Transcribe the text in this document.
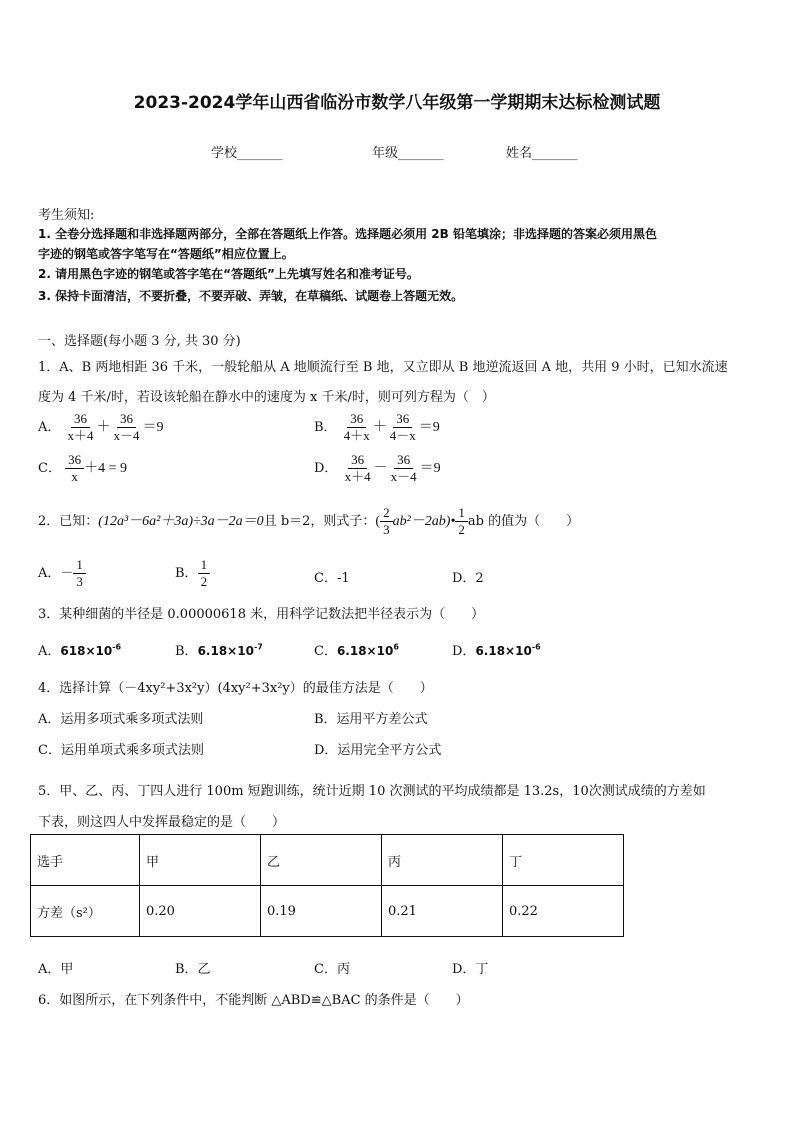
2023-2024学年山西省临汾市数学八年级第一学期期末达标检测试题
学校_______	年级_______	姓名_______
考生须知:
1. 全卷分选择题和非选择题两部分，全部在答题纸上作答。选择题必须用 2B 铅笔填涂；非选择题的答案必须用黑色
字迹的钢笔或答字笔写在“答题纸”相应位置上。
2. 请用黑色字迹的钢笔或答字笔在“答题纸”上先填写姓名和准考证号。
3. 保持卡面清洁，不要折叠，不要弄破、弄皱，在草稿纸、试题卷上答题无效。
一、选择题(每小题 3 分, 共 30 分)
1．A、B 两地相距 36 千米，一般轮船从 A 地顺流行至 B 地，又立即从 B 地逆流返回 A 地，共用 9 小时，已知水流速
度为 4 千米/时，若设该轮船在静水中的速度为 x 千米/时，则可列方程为（　）
A． $\frac{36}{x+4} + \frac{36}{x-4} =9$	B． $\frac{36}{4+x} + \frac{36}{4-x} =9$
C． $\frac{36}{x} +4 = 9$	D． $\frac{36}{x+4} - \frac{36}{x-4} =9$
2．已知：(12a³－6a²＋3a)÷3a－2a＝0且 b＝2，则式子：( $\frac{2}{3}$ ab²－2ab)• $\frac{1}{2}$ ab 的值为（　　）
A．－ $\frac{1}{3}$	B． $\frac{1}{2}$	C．-1	D．2
3．某种细菌的半径是 0.00000618 米，用科学记数法把半径表示为（　　）
A．$618\times 10^{-6}$	B．$6.18\times 10^{-7}$	C．$6.18\times 10^6$	D．$6.18\times 10^{-6}$
4．选择计算（－4xy²+3x²y）(4xy²+3x²y）的最佳方法是（　　）
A．运用多项式乘多项式法则	B．运用平方差公式
C．运用单项式乘多项式法则	D．运用完全平方公式
5．甲、乙、丙、丁四人进行 100m 短跑训练，统计近期 10 次测试的平均成绩都是 13.2s，10次测试成绩的方差如
下表，则这四人中发挥最稳定的是（　　）
选手	甲	乙	丙	丁
方差（s²）	0.20	0.19	0.21	0.22
A．甲	B．乙	C．丙	D．丁
6．如图所示，在下列条件中，不能判断 △ABD≌△BAC 的条件是（　　）
